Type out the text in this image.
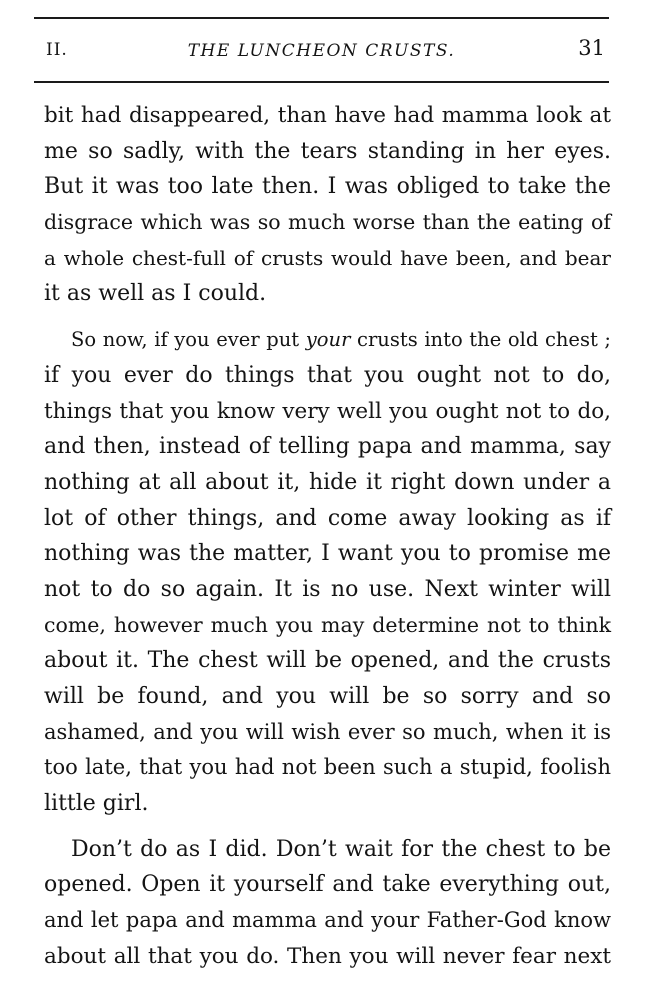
II.	THE LUNCHEON CRUSTS.	31
bit had disappeared, than have had mamma look at
me so sadly, with the tears standing in her eyes.
But it was too late then. I was obliged to take the
disgrace which was so much worse than the eating of
a whole chest-full of crusts would have been, and bear
it as well as I could.
So now, if you ever put your crusts into the old chest ;
if you ever do things that you ought not to do,
things that you know very well you ought not to do,
and then, instead of telling papa and mamma, say
nothing at all about it, hide it right down under a
lot of other things, and come away looking as if
nothing was the matter, I want you to promise me
not to do so again. It is no use. Next winter will
come, however much you may determine not to think
about it. The chest will be opened, and the crusts
will be found, and you will be so sorry and so
ashamed, and you will wish ever so much, when it is
too late, that you had not been such a stupid, foolish
little girl.
Don’t do as I did. Don’t wait for the chest to be
opened. Open it yourself and take everything out,
and let papa and mamma and your Father-God know
about all that you do. Then you will never fear next
